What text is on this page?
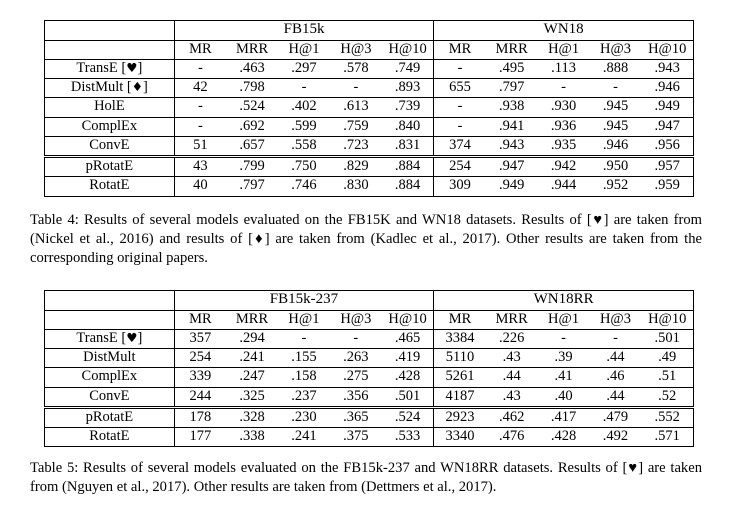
	FB15k					WN18				
	MR	MRR	H@1	H@3	H@10	MR	MRR	H@1	H@3	H@10
TransE [♥]	-	.463	.297	.578	.749	-	.495	.113	.888	.943
DistMult [♦]	42	.798	-	-	.893	655	.797	-	-	.946
HolE	-	.524	.402	.613	.739	-	.938	.930	.945	.949
ComplEx	-	.692	.599	.759	.840	-	.941	.936	.945	.947
ConvE	51	.657	.558	.723	.831	374	.943	.935	.946	.956
pRotatE	43	.799	.750	.829	.884	254	.947	.942	.950	.957
RotatE	40	.797	.746	.830	.884	309	.949	.944	.952	.959
Table 4: Results of several models evaluated on the FB15K and WN18 datasets. Results of [♥] are taken from (Nickel et al., 2016) and results of [♦] are taken from (Kadlec et al., 2017). Other results are taken from the corresponding original papers.
	FB15k-237					WN18RR				
	MR	MRR	H@1	H@3	H@10	MR	MRR	H@1	H@3	H@10
TransE [♥]	357	.294	-	-	.465	3384	.226	-	-	.501
DistMult	254	.241	.155	.263	.419	5110	.43	.39	.44	.49
ComplEx	339	.247	.158	.275	.428	5261	.44	.41	.46	.51
ConvE	244	.325	.237	.356	.501	4187	.43	.40	.44	.52
pRotatE	178	.328	.230	.365	.524	2923	.462	.417	.479	.552
RotatE	177	.338	.241	.375	.533	3340	.476	.428	.492	.571
Table 5: Results of several models evaluated on the FB15k-237 and WN18RR datasets. Results of [♥] are taken from (Nguyen et al., 2017). Other results are taken from (Dettmers et al., 2017).
